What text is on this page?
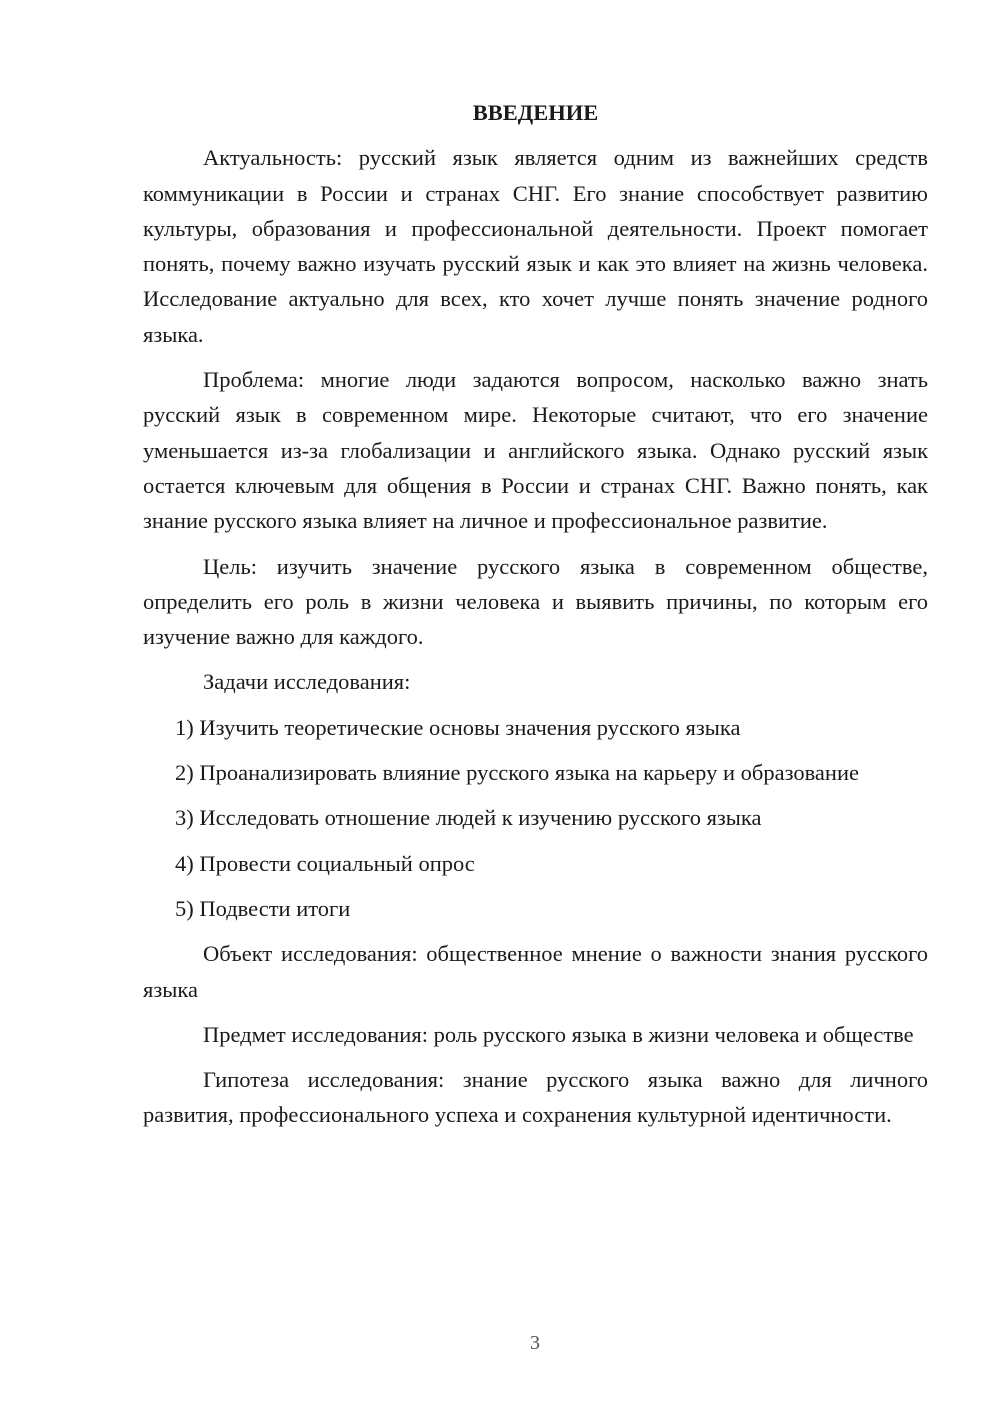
ВВЕДЕНИЕ

Актуальность: русский язык является одним из важнейших средств коммуникации в России и странах СНГ. Его знание способствует развитию культуры, образования и профессиональной деятельности. Проект помогает понять, почему важно изучать русский язык и как это влияет на жизнь человека. Исследование актуально для всех, кто хочет лучше понять значение родного языка.

Проблема: многие люди задаются вопросом, насколько важно знать русский язык в современном мире. Некоторые считают, что его значение уменьшается из-за глобализации и английского языка. Однако русский язык остается ключевым для общения в России и странах СНГ. Важно понять, как знание русского языка влияет на личное и профессиональное развитие.

Цель: изучить значение русского языка в современном обществе, определить его роль в жизни человека и выявить причины, по которым его изучение важно для каждого.

Задачи исследования:

1) Изучить теоретические основы значения русского языка

2) Проанализировать влияние русского языка на карьеру и образование

3) Исследовать отношение людей к изучению русского языка

4) Провести социальный опрос

5) Подвести итоги

Объект исследования: общественное мнение о важности знания русского языка

Предмет исследования: роль русского языка в жизни человека и обществе

Гипотеза исследования: знание русского языка важно для личного развития, профессионального успеха и сохранения культурной идентичности.

3
